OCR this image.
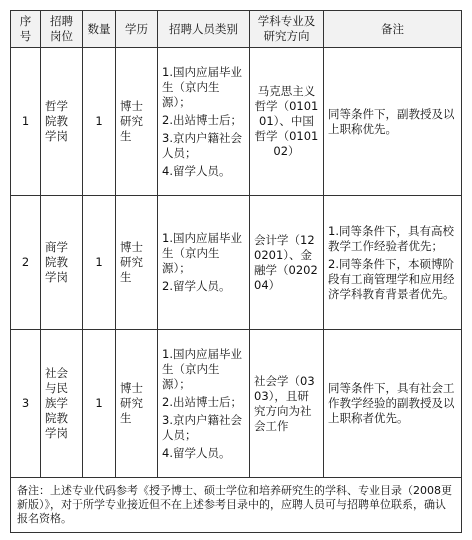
序号	招聘岗位	数量	学历	招聘人员类别	学科专业及研究方向	备注
1	哲学院教学岗	1	博士研究生	1.国内应届毕业生（京内生源）；
2.出站博士后；
3.京内户籍社会人员；
4.留学人员。	马克思主义哲学（010101）、中国哲学（010102）	同等条件下，副教授及以上职称优先。

2	商学院教学岗	1	博士研究生	1.国内应届毕业生（京内生源）；
2.留学人员。	会计学（120201）、金融学（020204）	1.同等条件下，具有高校教学工作经验者优先；
2.同等条件下，本硕博阶段有工商管理学和应用经济学科教育背景者优先。

3	社会与民族学院教学岗	1	博士研究生	1.国内应届毕业生（京内生源）；
2.出站博士后；
3.京内户籍社会人员；
4.留学人员。	社会学（0303），且研究方向为社会工作	同等条件下，具有社会工作教学经验的副教授及以上职称者优先。

备注：上述专业代码参考《授予博士、硕士学位和培养研究生的学科、专业目录（2008更新版）》，对于所学专业接近但不在上述参考目录中的，应聘人员可与招聘单位联系，确认报名资格。						
